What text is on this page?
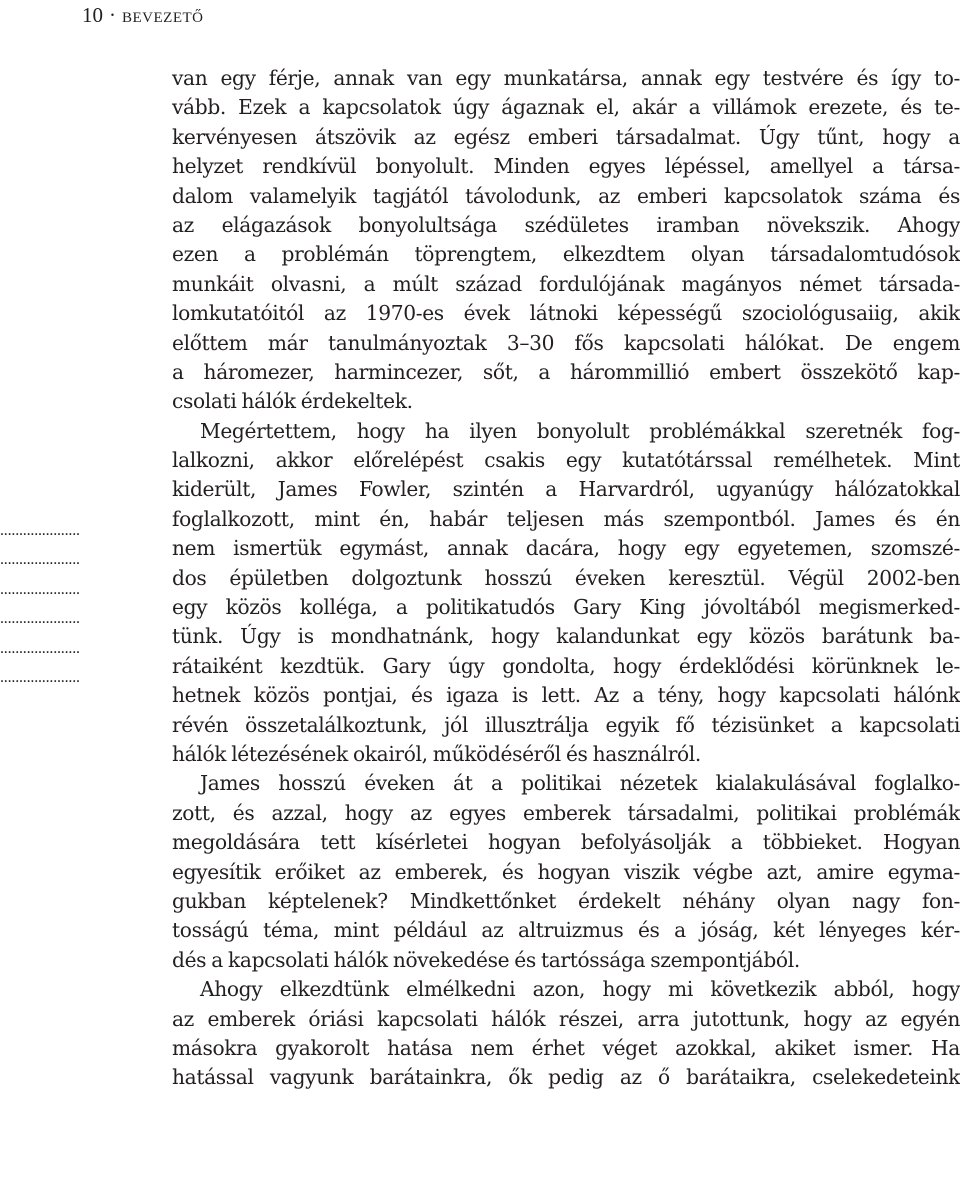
10 · BEVEZETŐ
.....................
.....................
.....................
.....................
.....................
.....................
van egy férje, annak van egy munkatársa, annak egy testvére és így to-
vább. Ezek a kapcsolatok úgy ágaznak el, akár a villámok erezete, és te-
kervényesen átszövik az egész emberi társadalmat. Úgy tűnt, hogy a
helyzet rendkívül bonyolult. Minden egyes lépéssel, amellyel a társa-
dalom valamelyik tagjától távolodunk, az emberi kapcsolatok száma és
az elágazások bonyolultsága szédületes iramban növekszik. Ahogy
ezen a problémán töprengtem, elkezdtem olyan társadalomtudósok
munkáit olvasni, a múlt század fordulójának magányos német társada-
lomkutatóitól az 1970-es évek látnoki képességű szociológusaiig, akik
előttem már tanulmányoztak 3–30 fős kapcsolati hálókat. De engem
a háromezer, harmincezer, sőt, a hárommillió embert összekötő kap-
csolati hálók érdekeltek.
Megértettem, hogy ha ilyen bonyolult problémákkal szeretnék fog-
lalkozni, akkor előrelépést csakis egy kutatótárssal remélhetek. Mint
kiderült, James Fowler, szintén a Harvardról, ugyanúgy hálózatokkal
foglalkozott, mint én, habár teljesen más szempontból. James és én
nem ismertük egymást, annak dacára, hogy egy egyetemen, szomszé-
dos épületben dolgoztunk hosszú éveken keresztül. Végül 2002-ben
egy közös kolléga, a politikatudós Gary King jóvoltából megismerked-
tünk. Úgy is mondhatnánk, hogy kalandunkat egy közös barátunk ba-
rátaiként kezdtük. Gary úgy gondolta, hogy érdeklődési körünknek le-
hetnek közös pontjai, és igaza is lett. Az a tény, hogy kapcsolati hálónk
révén összetalálkoztunk, jól illusztrálja egyik fő tézisünket a kapcsolati
hálók létezésének okairól, működéséről és használról.
James hosszú éveken át a politikai nézetek kialakulásával foglalko-
zott, és azzal, hogy az egyes emberek társadalmi, politikai problémák
megoldására tett kísérletei hogyan befolyásolják a többieket. Hogyan
egyesítik erőiket az emberek, és hogyan viszik végbe azt, amire egyma-
gukban képtelenek? Mindkettőnket érdekelt néhány olyan nagy fon-
tosságú téma, mint például az altruizmus és a jóság, két lényeges kér-
dés a kapcsolati hálók növekedése és tartóssága szempontjából.
Ahogy elkezdtünk elmélkedni azon, hogy mi következik abból, hogy
az emberek óriási kapcsolati hálók részei, arra jutottunk, hogy az egyén
másokra gyakorolt hatása nem érhet véget azokkal, akiket ismer. Ha
hatással vagyunk barátainkra, ők pedig az ő barátaikra, cselekedeteink
